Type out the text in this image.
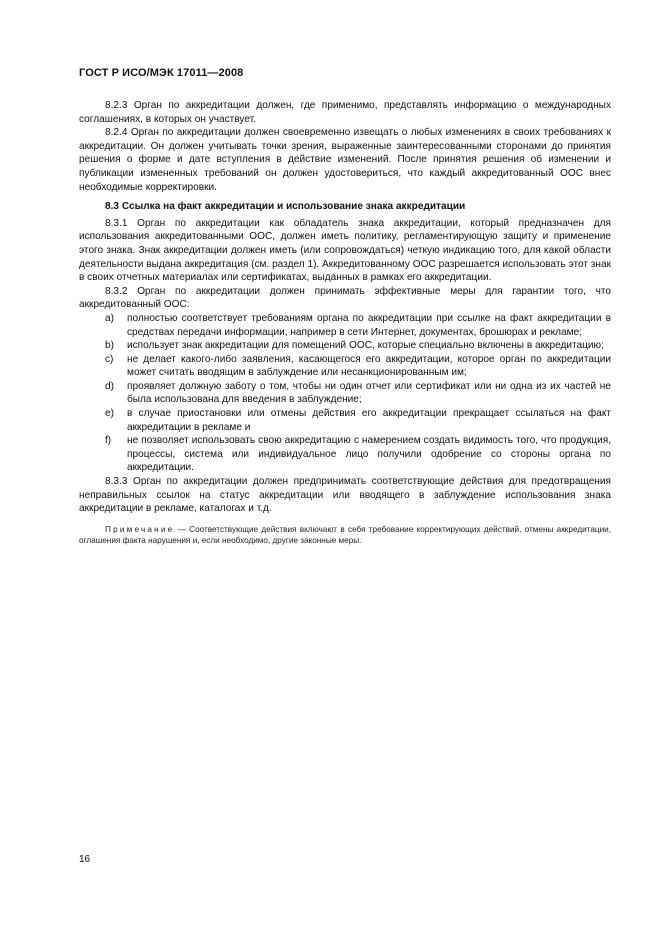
ГОСТ Р ИСО/МЭК 17011—2008

8.2.3 Орган по аккредитации должен, где применимо, представлять информацию о международных соглашениях, в которых он участвует.

8.2.4 Орган по аккредитации должен своевременно извещать о любых изменениях в своих требованиях к аккредитации. Он должен учитывать точки зрения, выраженные заинтересованными сторонами до принятия решения о форме и дате вступления в действие изменений. После принятия решения об изменении и публикации измененных требований он должен удостовериться, что каждый аккредитованный ООС внес необходимые корректировки.

8.3 Ссылка на факт аккредитации и использование знака аккредитации

8.3.1 Орган по аккредитации как обладатель знака аккредитации, который предназначен для использования аккредитованными ООС, должен иметь политику, регламентирующую защиту и применение этого знака. Знак аккредитации должен иметь (или сопровождаться) четкую индикацию того, для какой области деятельности выдана аккредитация (см. раздел 1). Аккредитованному ООС разрешается использовать этот знак в своих отчетных материалах или сертификатах, выданных в рамках его аккредитации.

8.3.2 Орган по аккредитации должен принимать эффективные меры для гарантии того, что аккредитованный ООС:

а) полностью соответствует требованиям органа по аккредитации при ссылке на факт аккредитации в средствах передачи информации, например в сети Интернет, документах, брошюрах и рекламе;
b) использует знак аккредитации для помещений ООС, которые специально включены в аккредитацию;
c) не делает какого-либо заявления, касающегося его аккредитации, которое орган по аккредитации может считать вводящим в заблуждение или несанкционированным им;
d) проявляет должную заботу о том, чтобы ни один отчет или сертификат или ни одна из их частей не была использована для введения в заблуждение;
e) в случае приостановки или отмены действия его аккредитации прекращает ссылаться на факт аккредитации в рекламе и
f) не позволяет использовать свою аккредитацию с намерением создать видимость того, что продукция, процессы, система или индивидуальное лицо получили одобрение со стороны органа по аккредитации.

8.3.3 Орган по аккредитации должен предпринимать соответствующие действия для предотвращения неправильных ссылок на статус аккредитации или вводящего в заблуждение использования знака аккредитации в рекламе, каталогах и т.д.

Примечание — Соответствующие действия включают в себя требование корректирующих действий, отмены аккредитации, оглашения факта нарушения и, если необходимо, другие законные меры.

16
